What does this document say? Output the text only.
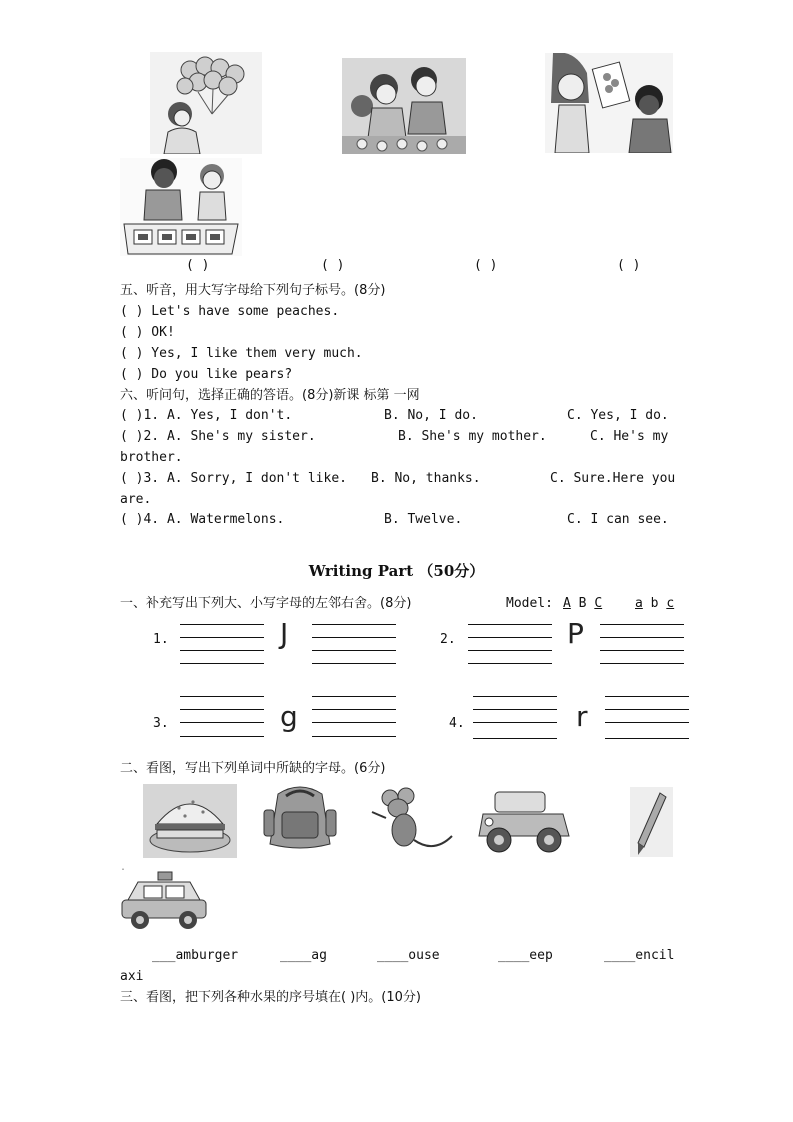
( )	( )	( )	( )
五、听音，用大写字母给下列句子标号。(8分)
( ) Let's have some peaches.
( ) OK!
( ) Yes, I like them very much.
( ) Do you like pears?
六、听问句，选择正确的答语。(8分)新课 标第 一网
( )1. A. Yes, I don't.	B. No, I do.	C. Yes, I do.
( )2. A. She's my sister.	B. She's my mother.	C. He's my
brother.
( )3. A. Sorry, I don't like. B. No, thanks.	C. Sure.Here you
are.
( )4. A. Watermelons.	B. Twelve.	C. I can see.
Writing Part （50分）
一、补充写出下列大、小写字母的左邻右舍。(8分)	Model: A B C	a b c
1.	J	2.	P
3.	g	4.	r
二、看图，写出下列单词中所缺的字母。(6分)
.
___amburger	____ag	____ouse	____eep	____encil
axi
三、看图，把下列各种水果的序号填在( )内。(10分)
